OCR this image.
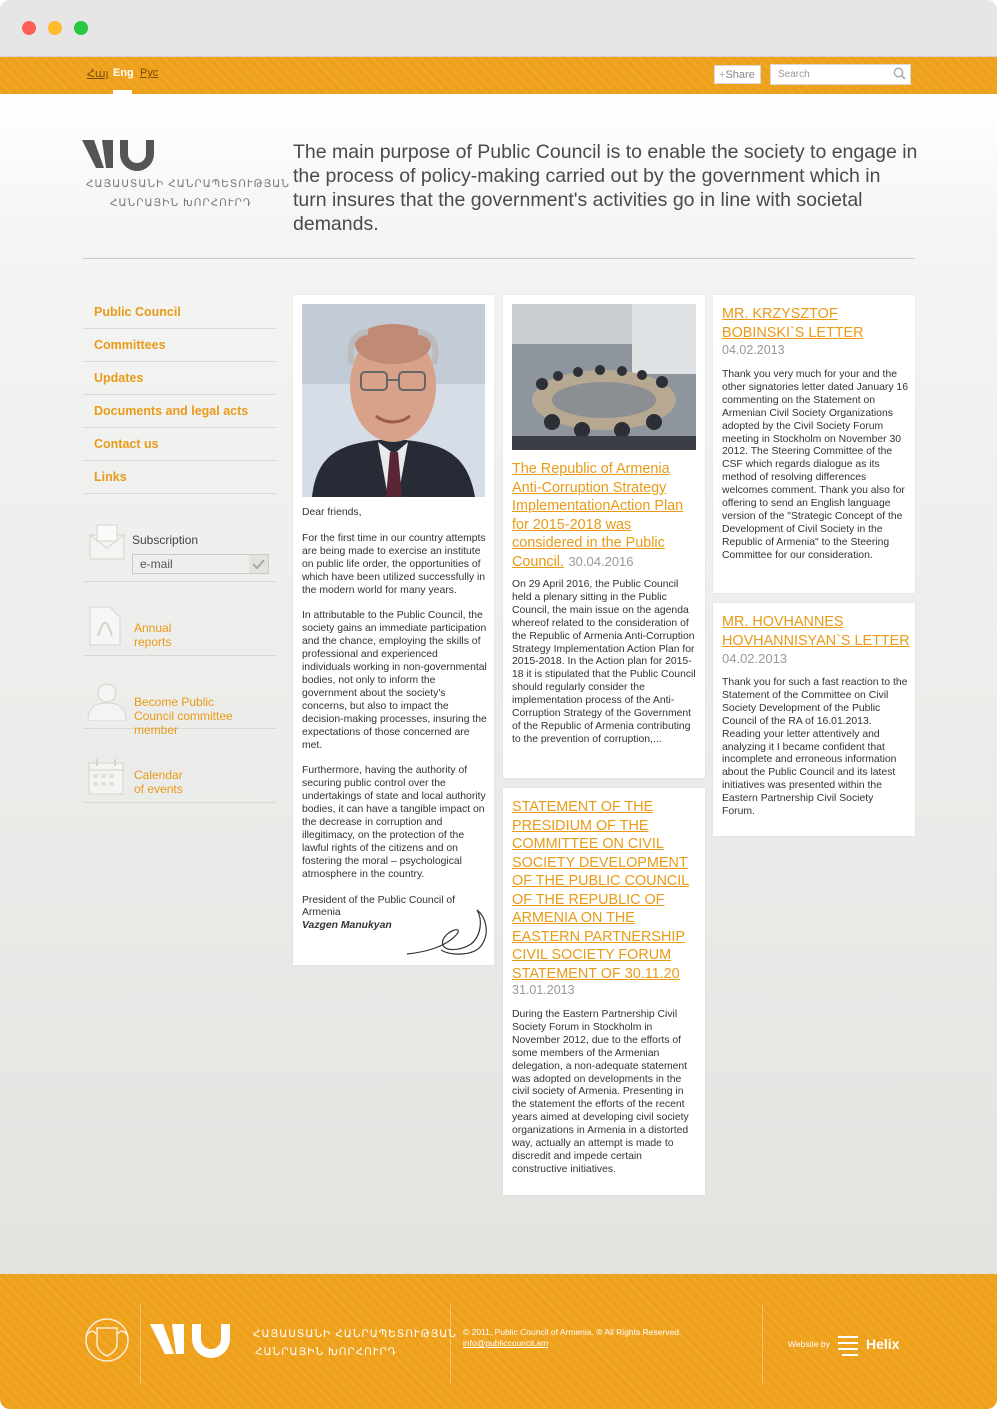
Հայ Eng Рус	+Share	Search
ՀԱՅԱՍՏԱՆԻ ՀԱՆՐԱՊԵՏՈՒԹՅԱՆ
ՀԱՆՐԱՅԻՆ ԽՈՐՀՈՒՐԴ
The main purpose of Public Council is to enable the society to engage in the process of policy-making carried out by the government which in turn insures that the government's activities go in line with societal demands.
Public Council
Committees
Updates
Documents and legal acts
Contact us
Links
Subscription
e-mail
Annual
reports
Become Public
Council committee member
Calendar
of events

Dear friends,

For the first time in our country attempts are being made to exercise an institute on public life order, the opportunities of which have been utilized successfully in the modern world for many years.

In attributable to the Public Council, the society gains an immediate participation and the chance, employing the skills of professional and experienced individuals working in non-governmental bodies, not only to inform the government about the society's concerns, but also to impact the decision-making processes, insuring the expectations of those concerned are met.

Furthermore, having the authority of securing public control over the undertakings of state and local authority bodies, it can have a tangible impact on the decrease in corruption and illegitimacy, on the protection of the lawful rights of the citizens and on fostering the moral – psychological atmosphere in the country.

President of the Public Council of Armenia

Vazgen Manukyan

The Republic of Armenia Anti-Corruption Strategy ImplementationAction Plan for 2015-2018 was considered in the Public Council. 30.04.2016
On 29 April 2016, the Public Council held a plenary sitting in the Public Council, the main issue on the agenda whereof related to the consideration of the Republic of Armenia Anti-Corruption Strategy Implementation Action Plan for 2015-2018. In the Action plan for 2015-18 it is stipulated that the Public Council should regularly consider the implementation process of the Anti-Corruption Strategy of the Government of the Republic of Armenia contributing to the prevention of corruption,...
STATEMENT OF THE PRESIDIUM OF THE COMMITTEE ON CIVIL SOCIETY DEVELOPMENT OF THE PUBLIC COUNCIL OF THE REPUBLIC OF ARMENIA ON THE EASTERN PARTNERSHIP CIVIL SOCIETY FORUM STATEMENT OF 30.11.20
31.01.2013
During the Eastern Partnership Civil Society Forum in Stockholm in November 2012, due to the efforts of some members of the Armenian delegation, a non-adequate statement was adopted on developments in the civil society of Armenia. Presenting in the statement the efforts of the recent years aimed at developing civil society organizations in Armenia in a distorted way, actually an attempt is made to discredit and impede certain constructive initiatives.
MR. KRZYSZTOF BOBINSKI`S LETTER
04.02.2013
Thank you very much for your and the other signatories letter dated January 16 commenting on the Statement on Armenian Civil Society Organizations adopted by the Civil Society Forum meeting in Stockholm on November 30 2012. The Steering Committee of the CSF which regards dialogue as its method of resolving differences welcomes comment. Thank you also for offering to send an English language version of the "Strategic Concept of the Development of Civil Society in the Republic of Armenia" to the Steering Committee for our consideration.
MR. HOVHANNES HOVHANNISYAN`S LETTER 04.02.2013
Thank you for such a fast reaction to the Statement of the Committee on Civil Society Development of the Public Council of the RA of 16.01.2013. Reading your letter attentively and analyzing it I became confident that incomplete and erroneous information about the Public Council and its latest initiatives was presented within the Eastern Partnership Civil Society Forum.
ՀԱՅԱՍՏԱՆԻ ՀԱՆՐԱՊԵՏՈՒԹՅԱՆ
ՀԱՆՐԱՅԻՆ ԽՈՐՀՈՒՐԴ
© 2011, Public Council of Armenia. ® All Rights Reserved.
info@publiccouncil.am	Website by	Helix
